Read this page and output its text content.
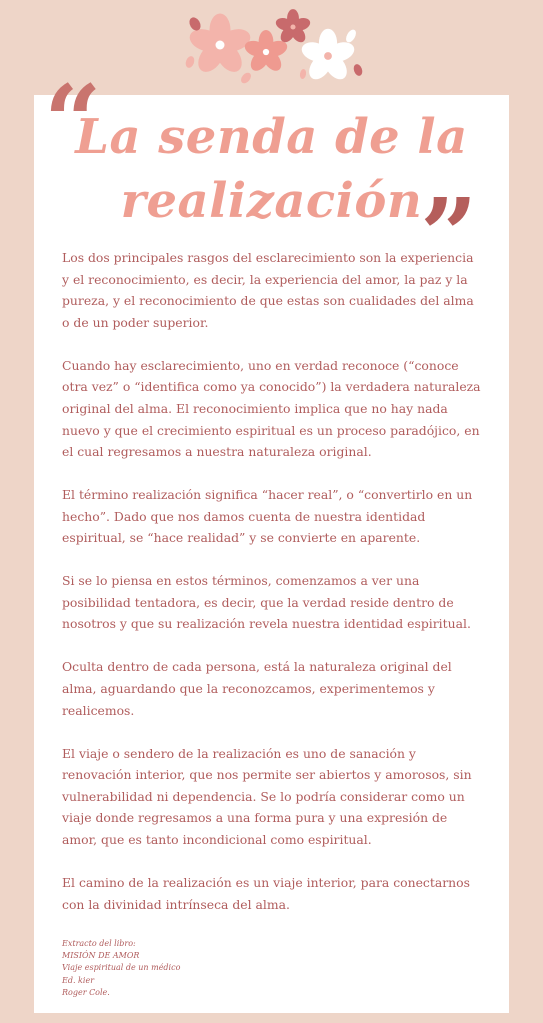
“
”
La senda de la
realización

Los dos principales rasgos del esclarecimiento son la experiencia y el reconocimiento, es decir, la experiencia del amor, la paz y la pureza, y el reconocimiento de que estas son cualidades del alma o de un poder superior.

Cuando hay esclarecimiento, uno en verdad reconoce (“conoce otra vez” o “identifica como ya conocido”) la verdadera naturaleza original del alma. El reconocimiento implica que no hay nada nuevo y que el crecimiento espiritual es un proceso paradójico, en el cual regresamos a nuestra naturaleza original.

El término realización significa “hacer real”, o “convertirlo en un hecho”. Dado que nos damos cuenta de nuestra identidad espiritual, se “hace realidad” y se convierte en aparente.

Si se lo piensa en estos términos, comenzamos a ver una posibilidad tentadora, es decir, que la verdad reside dentro de nosotros y que su realización revela nuestra identidad espiritual.

Oculta dentro de cada persona, está la naturaleza original del alma, aguardando que la reconozcamos, experimentemos y realicemos.

El viaje o sendero de la realización es uno de sanación y renovación interior, que nos permite ser abiertos y amorosos, sin vulnerabilidad ni dependencia. Se lo podría considerar como un viaje donde regresamos a una forma pura y una expresión de amor, que es tanto incondicional como espiritual.

El camino de la realización es un viaje interior, para conectarnos con la divinidad intrínseca del alma.

Extracto del libro:
MISIÓN DE AMOR
Viaje espiritual de un médico
Ed. kier
Roger Cole.
